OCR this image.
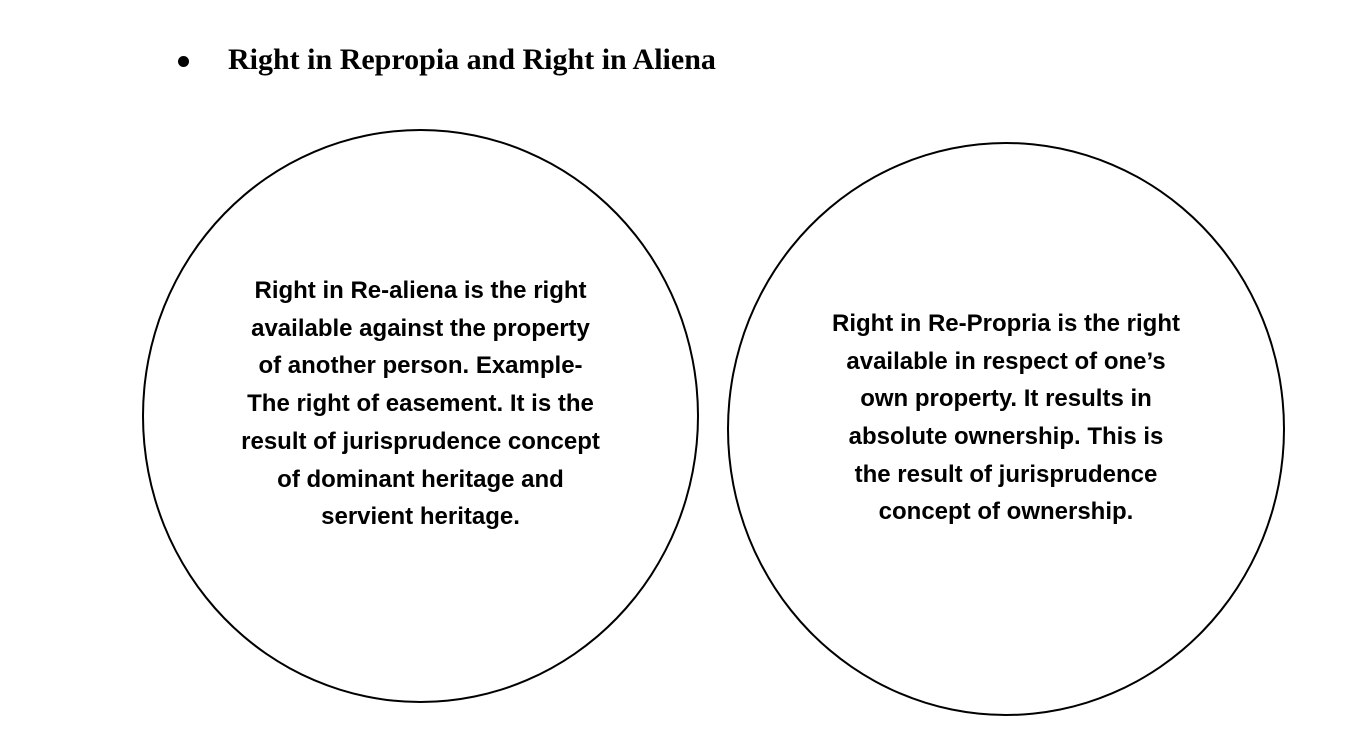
Right in Repropia and Right in Aliena

Right in Re-aliena is the right available against the property of another person. Example- The right of easement. It is the result of jurisprudence concept of dominant heritage and servient heritage.

Right in Re-Propria is the right available in respect of one’s own property. It results in absolute ownership. This is the result of jurisprudence concept of ownership.
